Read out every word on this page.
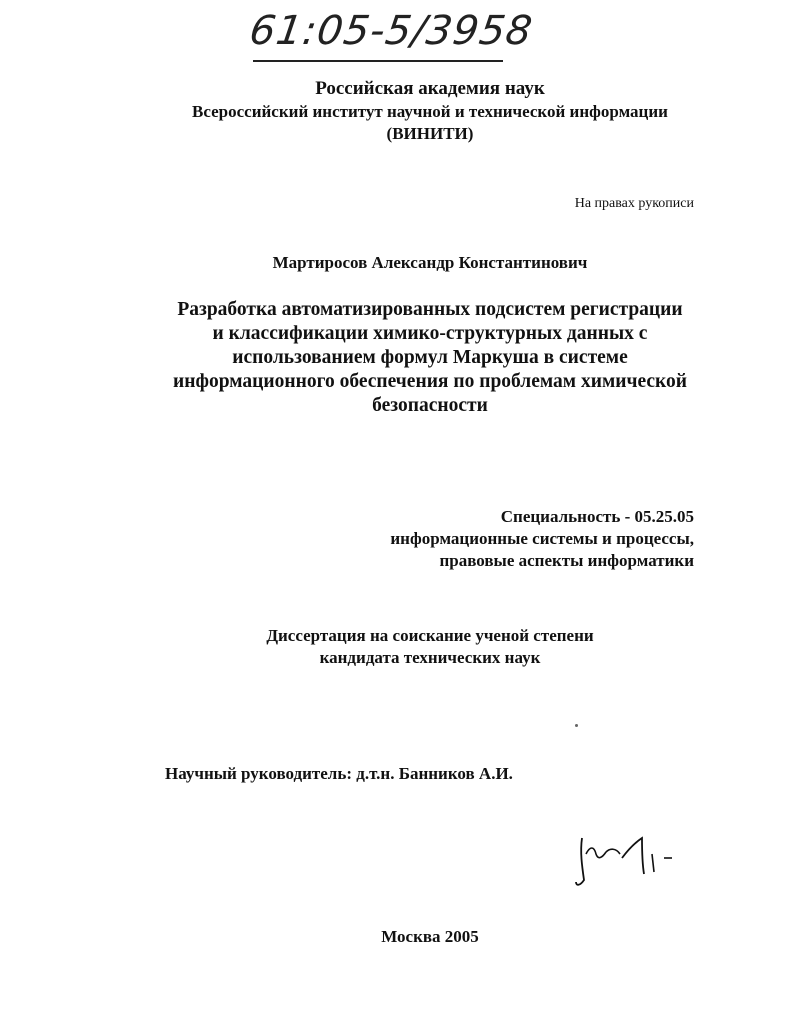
61:05-5/3958
Российская академия наук
Всероссийский институт научной и технической информации
(ВИНИТИ)
На правах рукописи
Мартиросов Александр Константинович
Разработка автоматизированных подсистем регистрации
и классификации химико-структурных данных с
использованием формул Маркуша в системе
информационного обеспечения по проблемам химической
безопасности
Специальность - 05.25.05
информационные системы и процессы,
правовые аспекты информатики
Диссертация на соискание ученой степени
кандидата технических наук
Научный руководитель: д.т.н. Банников А.И.
Москва 2005
